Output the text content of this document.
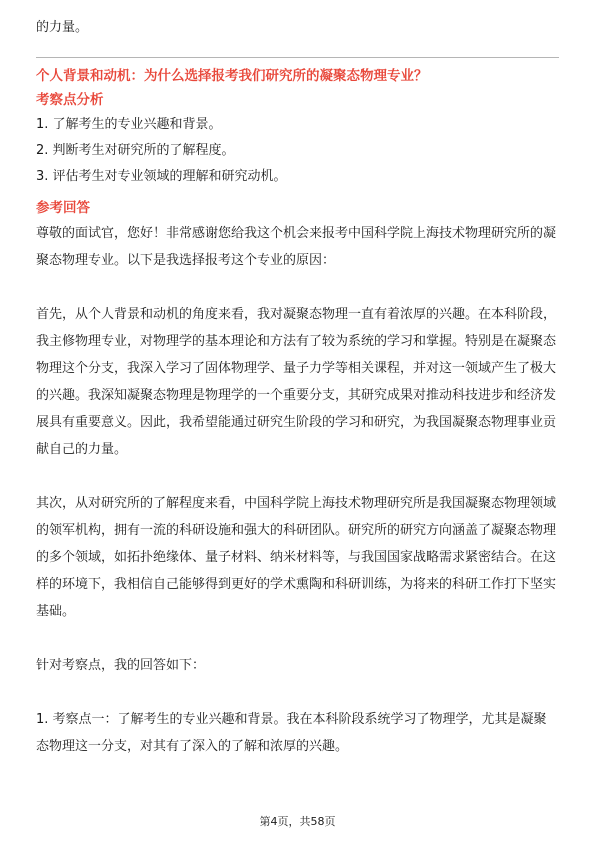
的力量。

个人背景和动机：为什么选择报考我们研究所的凝聚态物理专业？

考察点分析

1. 了解考生的专业兴趣和背景。

2. 判断考生对研究所的了解程度。

3. 评估考生对专业领域的理解和研究动机。

参考回答

尊敬的面试官，您好！非常感谢您给我这个机会来报考中国科学院上海技术物理研究所的凝聚态物理专业。以下是我选择报考这个专业的原因：

首先，从个人背景和动机的角度来看，我对凝聚态物理一直有着浓厚的兴趣。在本科阶段，我主修物理专业，对物理学的基本理论和方法有了较为系统的学习和掌握。特别是在凝聚态物理这个分支，我深入学习了固体物理学、量子力学等相关课程，并对这一领域产生了极大的兴趣。我深知凝聚态物理是物理学的一个重要分支，其研究成果对推动科技进步和经济发展具有重要意义。因此，我希望能通过研究生阶段的学习和研究，为我国凝聚态物理事业贡献自己的力量。

其次，从对研究所的了解程度来看，中国科学院上海技术物理研究所是我国凝聚态物理领域的领军机构，拥有一流的科研设施和强大的科研团队。研究所的研究方向涵盖了凝聚态物理的多个领域，如拓扑绝缘体、量子材料、纳米材料等，与我国国家战略需求紧密结合。在这样的环境下，我相信自己能够得到更好的学术熏陶和科研训练，为将来的科研工作打下坚实基础。

针对考察点，我的回答如下：

1. 考察点一：了解考生的专业兴趣和背景。我在本科阶段系统学习了物理学，尤其是凝聚态物理这一分支，对其有了深入的了解和浓厚的兴趣。

第4页，共58页
